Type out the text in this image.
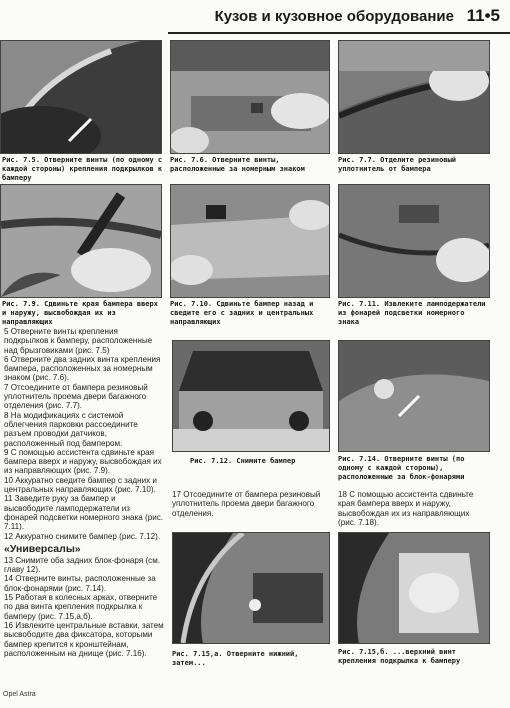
Кузов и кузовное оборудование 11•5
Рис. 7.5. Отверните винты (по одному с каждой стороны) крепления подкрылков к бамперу
Рис. 7.6. Отверните винты, расположенные за номерным знаком
Рис. 7.7. Отделите резиновый уплотнитель от бампера
Рис. 7.9. Сдвиньте края бампера вверх и наружу, высвобождая их из направляющих
Рис. 7.10. Сдвиньте бампер назад и сведите его с задних и центральных направляющих
Рис. 7.11. Извлеките ламподержатели из фонарей подсветки номерного знака

5 Отверните винты крепления подкрылков к бамперу, расположенные над брызговиками (рис. 7.5)

6 Отверните два задних винта крепления бампера, расположенных за номерным знаком (рис. 7.6).

7 Отсоедините от бампера резиновый уплотнитель проема двери багажного отделения (рис. 7.7).

8 На модификациях с системой облегчения парковки рассоедините разъем проводки датчиков, расположенный под бампером.

9 С помощью ассистента сдвиньте края бампера вверх и наружу, высвобождая их из направляющих (рис. 7.9).

10 Аккуратно сведите бампер с задних и центральных направляющих (рис. 7.10).

11 Заведите руку за бампер и высвободите ламподержатели из фонарей подсветки номерного знака (рис. 7.11).

12 Аккуратно снимите бампер (рис. 7.12).

«Универсалы»

13 Снимите оба задних блок-фонаря (см. главу 12).

14 Отверните винты, расположенные за блок-фонарями (рис. 7.14).

15 Работая в колесных арках, отверните по два винта крепления подкрылка к бамперу (рис. 7.15,а,б).

16 Извлеките центральные вставки, затем высвободите два фиксатора, которыми бампер крепится к кронштейнам, расположенным на днище (рис. 7.16).

Рис. 7.12. Снимите бампер	Рис. 7.14. Отверните винты (по одному с каждой стороны), расположенные за блок-фонарями
17 Отсоедините от бампера резиновый уплотнитель проема двери багажного отделения.
18 С помощью ассистента сдвиньте края бампера вверх и наружу, высвобождая их из направляющих (рис. 7.18).
Рис. 7.15,а. Отверните нижний, затем...
Рис. 7.15,б. ...верхний винт крепления подкрылка к бамперу
Opel Astra
